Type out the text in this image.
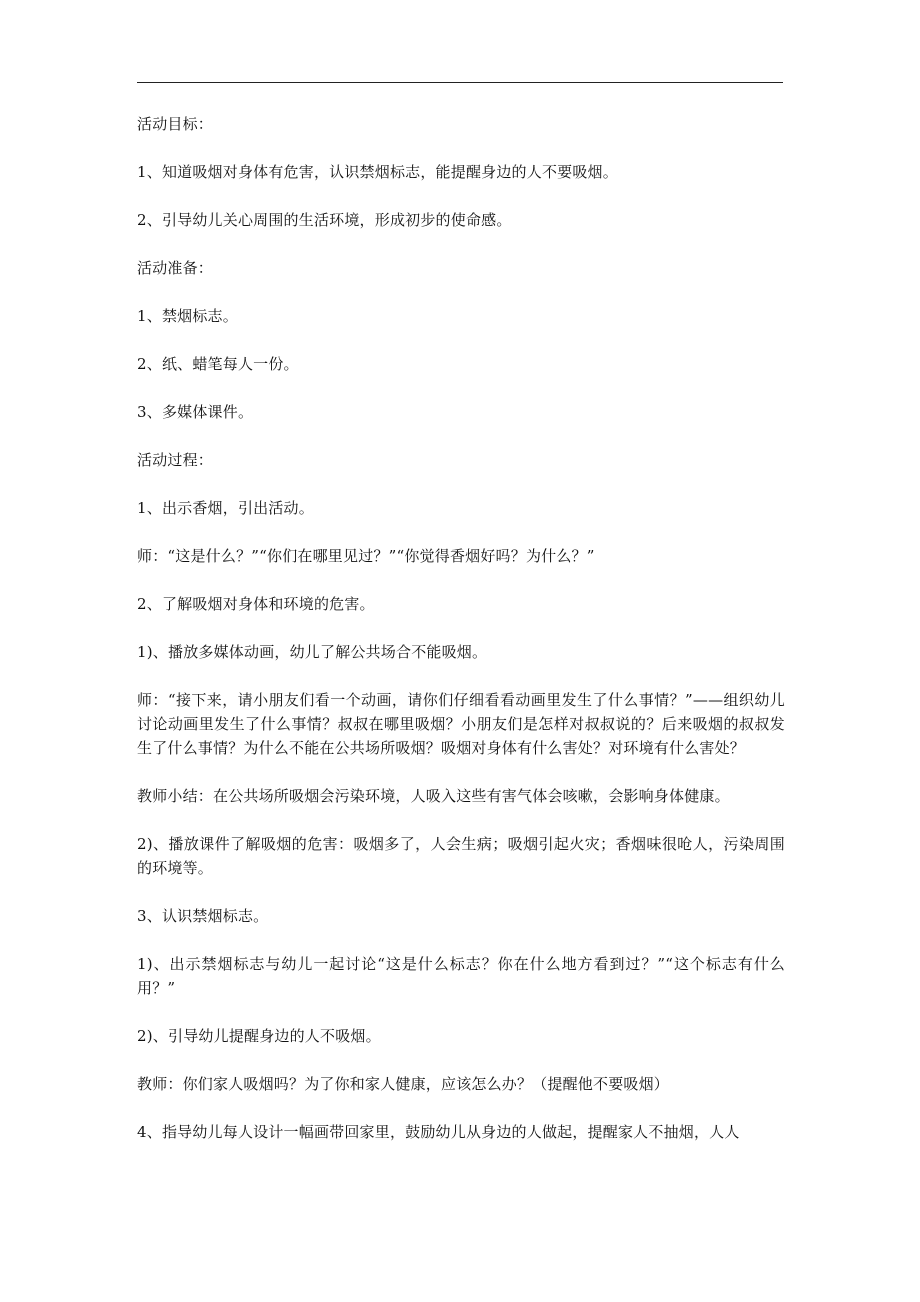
活动目标：

1、知道吸烟对身体有危害，认识禁烟标志，能提醒身边的人不要吸烟。

2、引导幼儿关心周围的生活环境，形成初步的使命感。

活动准备：

1、禁烟标志。

2、纸、蜡笔每人一份。

3、多媒体课件。

活动过程：

1、出示香烟，引出活动。

师：“这是什么？”“你们在哪里见过？”“你觉得香烟好吗？为什么？”

2、了解吸烟对身体和环境的危害。

1)、播放多媒体动画，幼儿了解公共场合不能吸烟。

师：“接下来，请小朋友们看一个动画，请你们仔细看看动画里发生了什么事情？”——组织幼儿讨论动画里发生了什么事情？叔叔在哪里吸烟？小朋友们是怎样对叔叔说的？后来吸烟的叔叔发生了什么事情？为什么不能在公共场所吸烟？吸烟对身体有什么害处？对环境有什么害处？

教师小结：在公共场所吸烟会污染环境，人吸入这些有害气体会咳嗽，会影响身体健康。

2)、播放课件了解吸烟的危害：吸烟多了，人会生病；吸烟引起火灾；香烟味很呛人，污染周围的环境等。

3、认识禁烟标志。

1)、出示禁烟标志与幼儿一起讨论“这是什么标志？你在什么地方看到过？”“这个标志有什么用？”

2)、引导幼儿提醒身边的人不吸烟。

教师：你们家人吸烟吗？为了你和家人健康，应该怎么办？（提醒他不要吸烟）

4、指导幼儿每人设计一幅画带回家里，鼓励幼儿从身边的人做起，提醒家人不抽烟，人人
